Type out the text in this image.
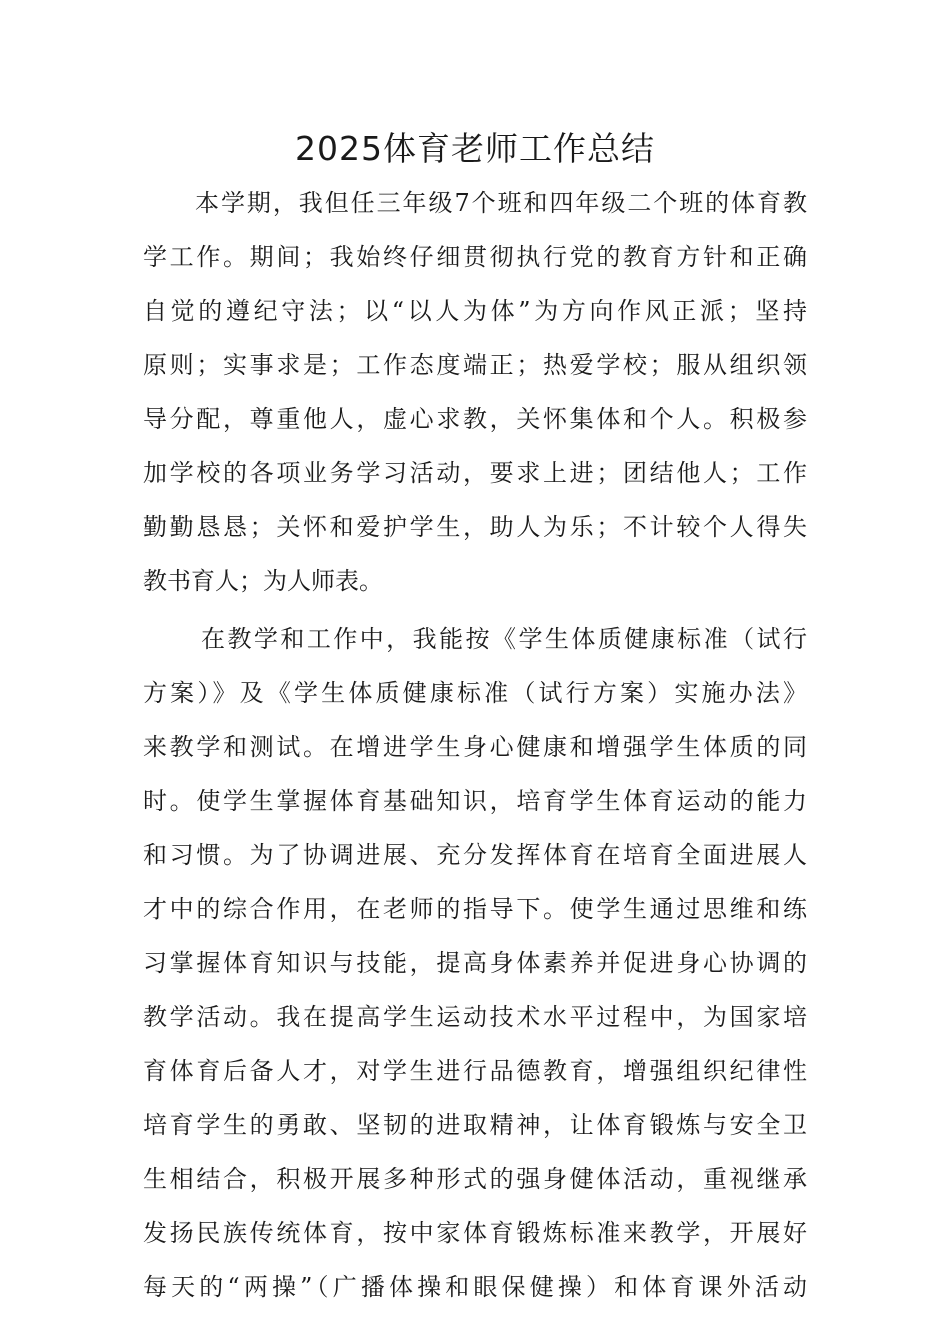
2025体育老师工作总结
本学期，我但任三年级7个班和四年级二个班的体育教
学工作。期间；我始终仔细贯彻执行党的教育方针和正确
自觉的遵纪守法；以“以人为体”为方向作风正派；坚持
原则；实事求是；工作态度端正；热爱学校；服从组织领
导分配，尊重他人，虚心求教，关怀集体和个人。积极参
加学校的各项业务学习活动，要求上进；团结他人；工作
勤勤恳恳；关怀和爱护学生，助人为乐；不计较个人得失
教书育人；为人师表。
在教学和工作中，我能按《学生体质健康标准（试行
方案）》及《学生体质健康标准（试行方案）实施办法》
来教学和测试。在增进学生身心健康和增强学生体质的同
时。使学生掌握体育基础知识，培育学生体育运动的能力
和习惯。为了协调进展、充分发挥体育在培育全面进展人
才中的综合作用，在老师的指导下。使学生通过思维和练
习掌握体育知识与技能，提高身体素养并促进身心协调的
教学活动。我在提高学生运动技术水平过程中，为国家培
育体育后备人才，对学生进行品德教育，增强组织纪律性
培育学生的勇敢、坚韧的进取精神，让体育锻炼与安全卫
生相结合，积极开展多种形式的强身健体活动，重视继承
发扬民族传统体育，按中家体育锻炼标准来教学，开展好
每天的“两操”（广播体操和眼保健操）和体育课外活动
